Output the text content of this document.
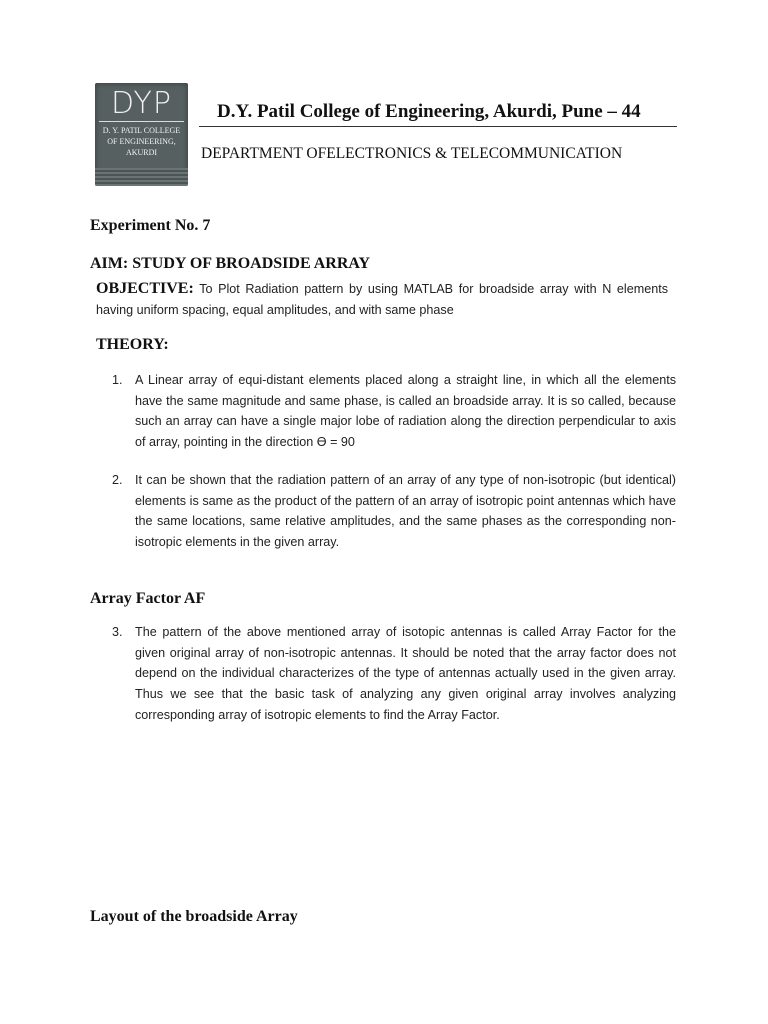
DYP
D. Y. PATIL COLLEGE
OF ENGINEERING,
AKURDI
D.Y. Patil College of Engineering, Akurdi, Pune – 44
DEPARTMENT OFELECTRONICS & TELECOMMUNICATION
Experiment No. 7
AIM: STUDY OF BROADSIDE ARRAY
OBJECTIVE: To Plot Radiation pattern by using MATLAB for broadside array with N elements having uniform spacing, equal amplitudes, and with same phase
THEORY:
1. A Linear array of equi-distant elements placed along a straight line, in which all the elements have the same magnitude and same phase, is called an broadside array. It is so called, because such an array can have a single major lobe of radiation along the direction perpendicular to axis of array, pointing in the direction ϴ = 90
2. It can be shown that the radiation pattern of an array of any type of non-isotropic (but identical) elements is same as the product of the pattern of an array of isotropic point antennas which have the same locations, same relative amplitudes, and the same phases as the corresponding non-isotropic elements in the given array.
Array Factor AF
3. The pattern of the above mentioned array of isotopic antennas is called Array Factor for the given original array of non-isotropic antennas. It should be noted that the array factor does not depend on the individual characterizes of the type of antennas actually used in the given array. Thus we see that the basic task of analyzing any given original array involves analyzing corresponding array of isotropic elements to find the Array Factor.
Layout of the broadside Array
